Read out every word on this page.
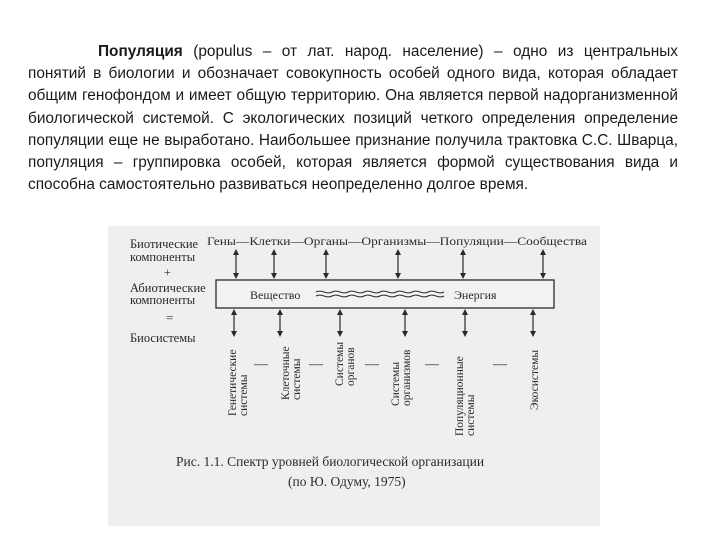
Популяция (populus – от лат. народ. население) – одно из центральных понятий в биологии и обозначает совокупность особей одного вида, которая обладает общим генофондом и имеет общую территорию. Она является первой надорганизменной биологической системой. С экологических позиций четкого определения определение популяции еще не выработано. Наибольшее признание получила трактовка С.С. Шварца, популяция – группировка особей, которая является формой существования вида и способна самостоятельно развиваться неопределенно долгое время.

Биотические
компоненты
+
Абиотические
компоненты
=
Биосистемы
Гены—Клетки—Органы—Организмы—Популяции—Сообщества
Вещество	Энергия
Генетические системы	Клеточные системы	Системы органов	Системы организмов	Популяционные системы
Экосистемы
—	—	—	—	—
Рис. 1.1. Спектр уровней биологической организации
(по Ю. Одуму, 1975)
